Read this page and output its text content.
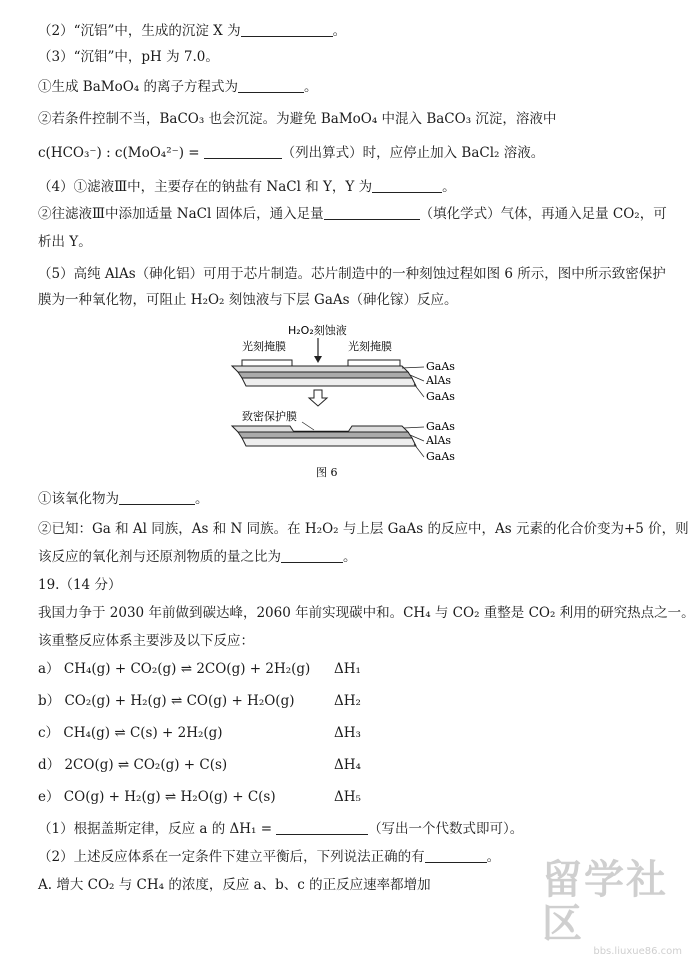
（2）“沉铝”中，生成的沉淀 X 为	。
（3）“沉钼”中，pH 为 7.0。
①生成 BaMoO₄ 的离子方程式为	。
②若条件控制不当，BaCO₃ 也会沉淀。为避免 BaMoO₄ 中混入 BaCO₃ 沉淀，溶液中
c(HCO₃⁻) : c(MoO₄²⁻) =	（列出算式）时，应停止加入 BaCl₂ 溶液。
（4）①滤液Ⅲ中，主要存在的钠盐有 NaCl 和 Y，Y 为	。
②往滤液Ⅲ中添加适量 NaCl 固体后，通入足量	（填化学式）气体，再通入足量 CO₂，可
析出 Y。
（5）高纯 AlAs（砷化铝）可用于芯片制造。芯片制造中的一种刻蚀过程如图 6 所示，图中所示致密保护
膜为一种氧化物，可阻止 H₂O₂ 刻蚀液与下层 GaAs（砷化镓）反应。
H₂O₂刻蚀液
光刻掩膜	光刻掩膜
GaAs
AlAs
GaAs
致密保护膜
GaAs
AlAs
GaAs
图 6
①该氧化物为	。
②已知：Ga 和 Al 同族，As 和 N 同族。在 H₂O₂ 与上层 GaAs 的反应中，As 元素的化合价变为+5 价，则
该反应的氧化剂与还原剂物质的量之比为	。
19.（14 分）
我国力争于 2030 年前做到碳达峰，2060 年前实现碳中和。CH₄ 与 CO₂ 重整是 CO₂ 利用的研究热点之一。
该重整反应体系主要涉及以下反应：
a） CH₄(g) + CO₂(g) ⇌ 2CO(g) + 2H₂(g) ΔH₁
b） CO₂(g) + H₂(g) ⇌ CO(g) + H₂O(g)	ΔH₂
c） CH₄(g) ⇌ C(s) + 2H₂(g)	ΔH₃
d） 2CO(g) ⇌ CO₂(g) + C(s)	ΔH₄
e） CO(g) + H₂(g) ⇌ H₂O(g) + C(s)	ΔH₅
（1）根据盖斯定律，反应 a 的 ΔH₁ =	（写出一个代数式即可）。
（2）上述反应体系在一定条件下建立平衡后，下列说法正确的有	。
A. 增大 CO₂ 与 CH₄ 的浓度，反应 a、b、c 的正反应速率都增加	留学社区
bbs.liuxue86.com
